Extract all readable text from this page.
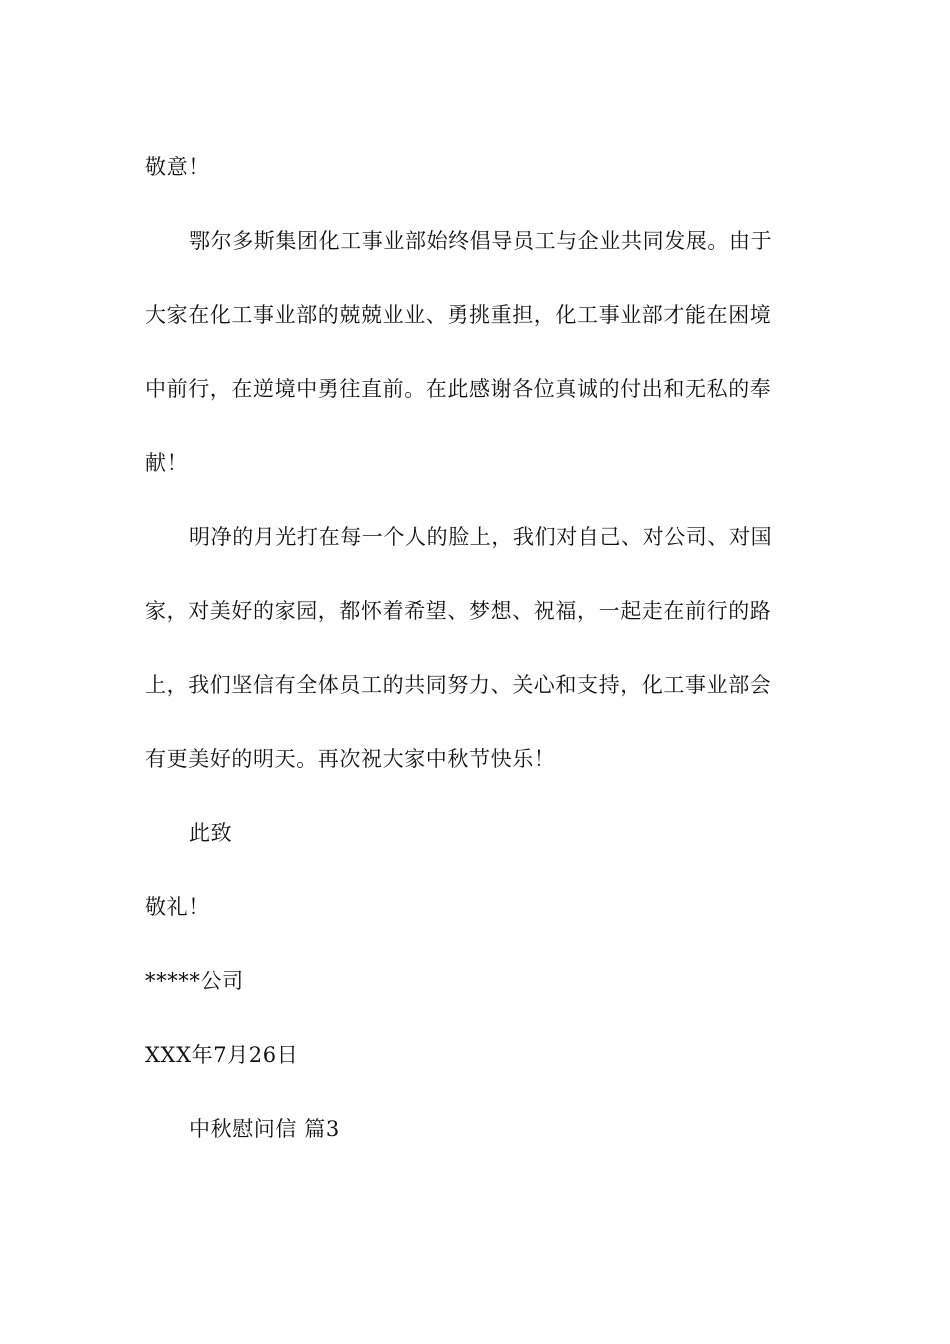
敬意！
鄂尔多斯集团化工事业部始终倡导员工与企业共同发展。由于
大家在化工事业部的兢兢业业、勇挑重担，化工事业部才能在困境
中前行，在逆境中勇往直前。在此感谢各位真诚的付出和无私的奉
献！
明净的月光打在每一个人的脸上，我们对自己、对公司、对国
家，对美好的家园，都怀着希望、梦想、祝福，一起走在前行的路
上，我们坚信有全体员工的共同努力、关心和支持，化工事业部会
有更美好的明天。再次祝大家中秋节快乐！
此致
敬礼！
*****公司
XXX年7月26日
中秋慰问信 篇3
